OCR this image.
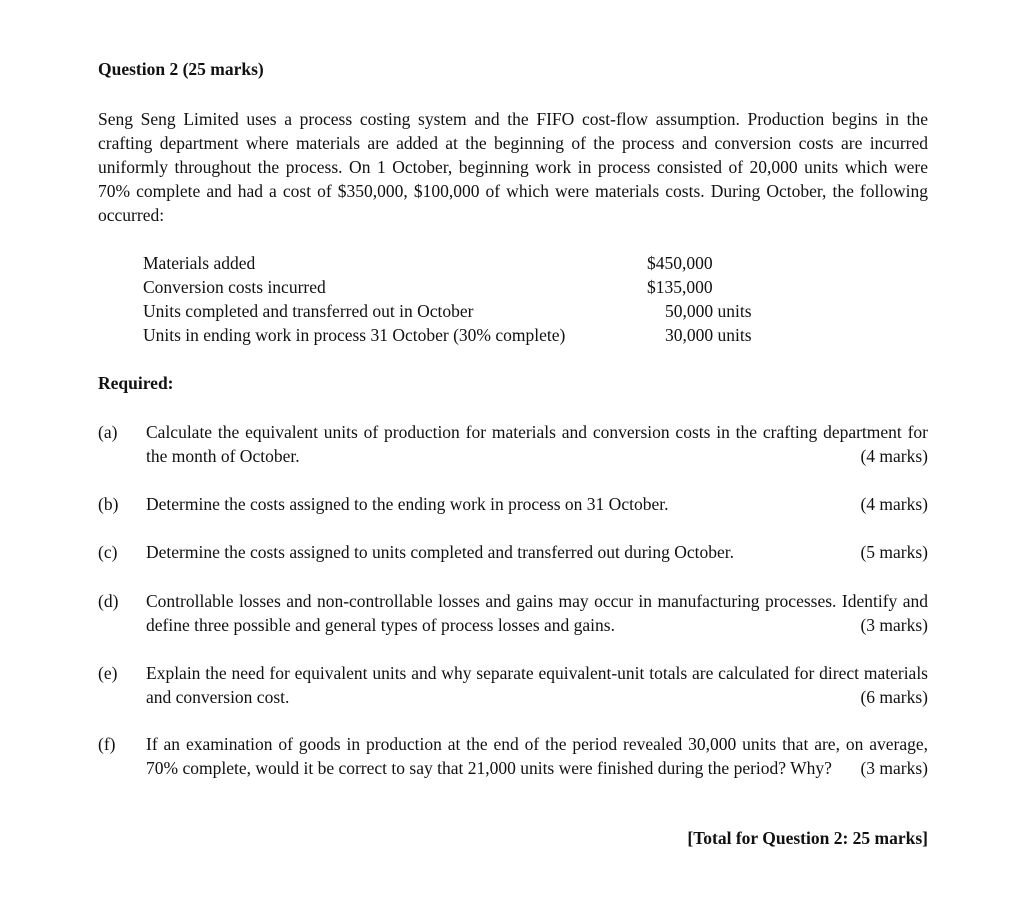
Question 2 (25 marks)
Seng Seng Limited uses a process costing system and the FIFO cost-flow assumption. Production begins in the crafting department where materials are added at the beginning of the process and conversion costs are incurred uniformly throughout the process. On 1 October, beginning work in process consisted of 20,000 units which were 70% complete and had a cost of $350,000, $100,000 of which were materials costs. During October, the following occurred:
Materials added	$450,000
Conversion costs incurred	$135,000
Units completed and transferred out in October	50,000 units
Units in ending work in process 31 October (30% complete)	30,000 units
Required:
(a) Calculate the equivalent units of production for materials and conversion costs in the crafting department for the month of October.	(4 marks)
(b) Determine the costs assigned to the ending work in process on 31 October.	(4 marks)
(c) Determine the costs assigned to units completed and transferred out during October.	(5 marks)
(d) Controllable losses and non-controllable losses and gains may occur in manufacturing processes. Identify and define three possible and general types of process losses and gains.	(3 marks)
(e) Explain the need for equivalent units and why separate equivalent-unit totals are calculated for direct materials and conversion cost.	(6 marks)
(f) If an examination of goods in production at the end of the period revealed 30,000 units that are, on average, 70% complete, would it be correct to say that 21,000 units were finished during the period? Why? (3 marks)
[Total for Question 2: 25 marks]
